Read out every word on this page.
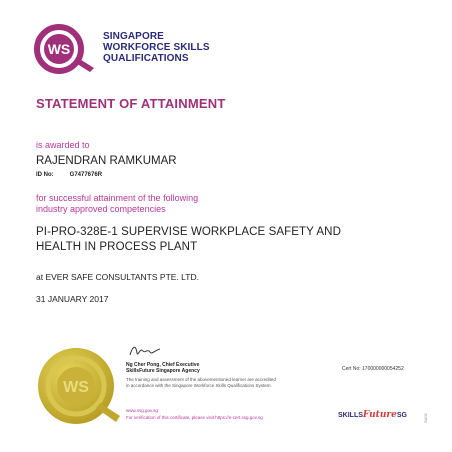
WS
SINGAPORE
WORKFORCE SKILLS
QUALIFICATIONS
STATEMENT OF ATTAINMENT
is awarded to
RAJENDRAN RAMKUMAR
ID No:	G7477676R
for successful attainment of the following
industry approved competencies
PI-PRO-328E-1 SUPERVISE WORKPLACE SAFETY AND
HEALTH IN PROCESS PLANT
at EVER SAFE CONSULTANTS PTE. LTD.
31 JANUARY 2017
WS
Ng Cher Pong, Chief Executive
SkillsFuture Singapore Agency
The training and assessment of the abovementioned learner are accredited
in accordance with the Singapore Workforce Skills Qualifications System.
www.ssg.gov.sg
For verification of this certificate, please visit https://e-cert.ssg.gov.sg
Cert No: 170000000054252
SKILLSFutureSG	SA02
